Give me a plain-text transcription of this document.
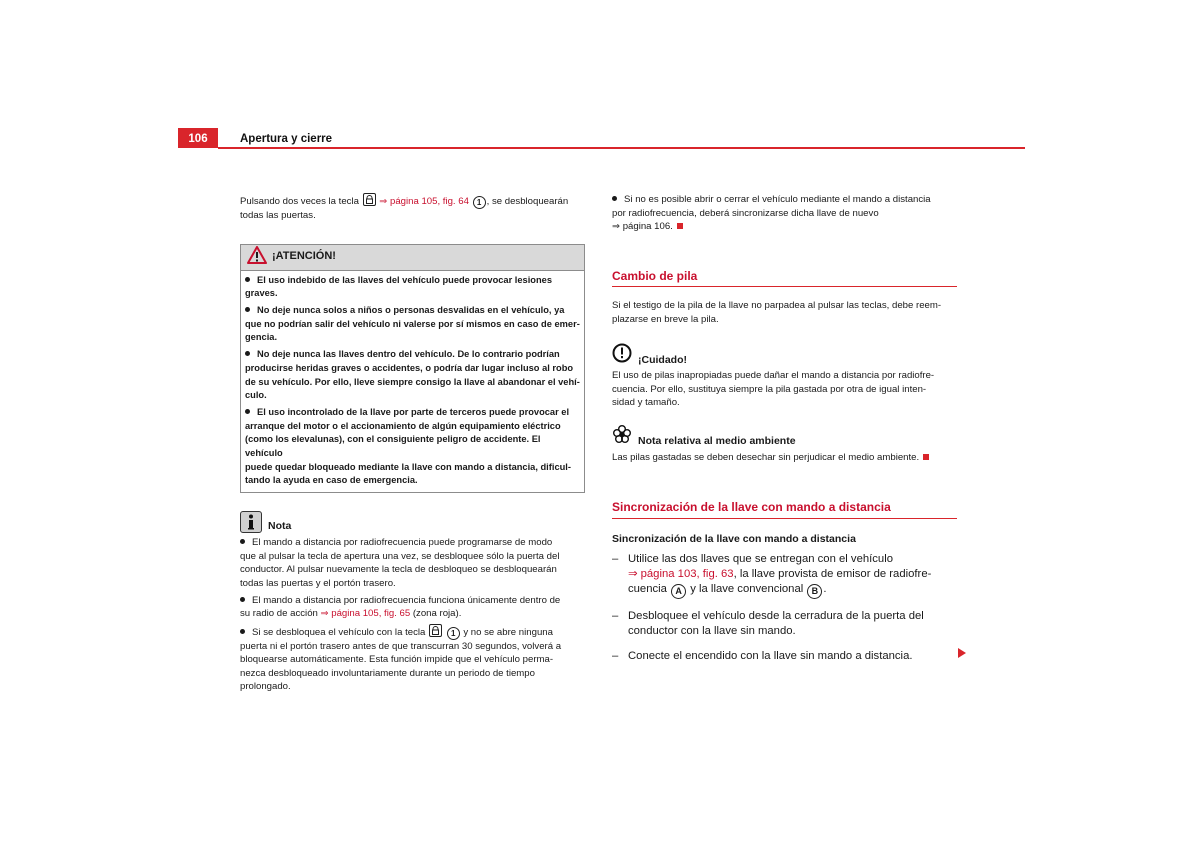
106	Apertura y cierre

Pulsando dos veces la tecla
⇒ página 105, fig. 64 1 , se desbloquearán
todas las puertas.

¡ATENCIÓN!
El uso indebido de las llaves del vehículo puede provocar lesiones
graves.
No deje nunca solos a niños o personas desvalidas en el vehículo, ya
que no podrían salir del vehículo ni valerse por sí mismos en caso de emer-
gencia.
No deje nunca las llaves dentro del vehículo. De lo contrario podrían
producirse heridas graves o accidentes, o podría dar lugar incluso al robo
de su vehículo. Por ello, lleve siempre consigo la llave al abandonar el vehí-
culo.
El uso incontrolado de la llave por parte de terceros puede provocar el
arranque del motor o el accionamiento de algún equipamiento eléctrico
(como los elevalunas), con el consiguiente peligro de accidente. El vehículo
puede quedar bloqueado mediante la llave con mando a distancia, dificul-
tando la ayuda en caso de emergencia.
Nota
El mando a distancia por radiofrecuencia puede programarse de modo
que al pulsar la tecla de apertura una vez, se desbloquee sólo la puerta del
conductor. Al pulsar nuevamente la tecla de desbloqueo se desbloquearán
todas las puertas y el portón trasero.
El mando a distancia por radiofrecuencia funciona únicamente dentro de
su radio de acción ⇒ página 105, fig. 65 (zona roja).
Si se desbloquea el vehículo con la tecla	1 y no se abre ninguna
puerta ni el portón trasero antes de que transcurran 30 segundos, volverá a
bloquearse automáticamente. Esta función impide que el vehículo perma-
nezca desbloqueado involuntariamente durante un periodo de tiempo
prolongado.
Si no es posible abrir o cerrar el vehículo mediante el mando a distancia
por radiofrecuencia, deberá sincronizarse dicha llave de nuevo
⇒ página 106.
Cambio de pila

Si el testigo de la pila de la llave no parpadea al pulsar las teclas, debe reem-
plazarse en breve la pila.

¡Cuidado!

El uso de pilas inapropiadas puede dañar el mando a distancia por radiofre-
cuencia. Por ello, sustituya siempre la pila gastada por otra de igual inten-
sidad y tamaño.

Nota relativa al medio ambiente

Las pilas gastadas se deben desechar sin perjudicar el medio ambiente.

Sincronización de la llave con mando a distancia
Sincronización de la llave con mando a distancia
– Utilice las dos llaves que se entregan con el vehículo
⇒ página 103, fig. 63, la llave provista de emisor de radiofre-
cuencia A y la llave convencional B .
– Desbloquee el vehículo desde la cerradura de la puerta del
conductor con la llave sin mando.
– Conecte el encendido con la llave sin mando a distancia.
